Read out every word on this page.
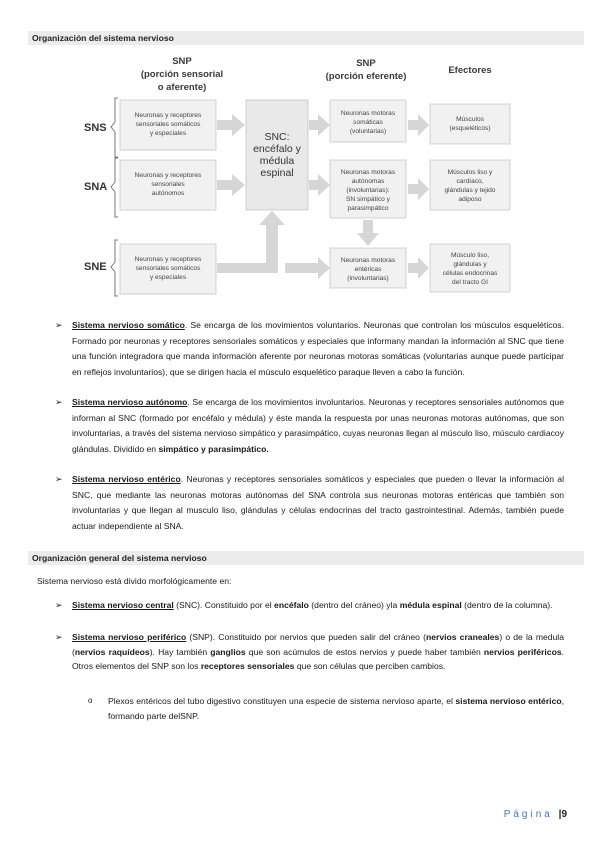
Organización del sistema nervioso
SNP
(porción sensorial
o aferente)
SNP
(porción eferente)
Efectores
SNS
SNA
SNE
Neuronas y receptores
sensoriales somáticos
y especiales
Neuronas y receptores
sensoriales
autónomos
Neuronas y receptores
sensoriales somáticos
y especiales
SNC:
encéfalo y
médula
espinal
Neuronas motoras
somáticas
(voluntarias)
Neuronas motoras
autónomas
(involuntarias):
SN simpático y
parasimpático
Neuronas motoras
entéricas
(involuntarias)
Músculos
(esqueléticos)
Músculos liso y
cardíaco,
glándulas y tejido
adiposo
Músculo liso,
glándulas y
células endocrinas
del tracto GI
➢ Sistema nervioso somático. Se encarga de los movimientos voluntarios. Neuronas que controlan los músculos esqueléticos. Formado por neuronas y receptores sensoriales somáticos y especiales que informany mandan la información al SNC que tiene una función integradora que manda información aferente por neuronas motoras somáticas (voluntarias aunque puede participar en reflejos involuntarios), que se dirigen hacia el músculo esquelético paraque lleven a cabo la función.
➢ Sistema nervioso autónomo. Se encarga de los movimientos involuntarios. Neuronas y receptores sensoriales autónomos que informan al SNC (formado por encéfalo y médula) y éste manda la respuesta por unas neuronas motoras autónomas, que son involuntarias, a través del sistema nervioso simpático y parasimpático, cuyas neuronas llegan al músculo liso, músculo cardiacoy glándulas. Dividido en simpático y parasimpático.
➢ Sistema nervioso entérico. Neuronas y receptores sensoriales somáticos y especiales que pueden o llevar la información al SNC, que mediante las neuronas motoras autónomas del SNA controla sus neuronas motoras entéricas que también son involuntarias y que llegan al musculo liso, glándulas y células endocrinas del tracto gastrointestinal. Además, también puede actuar independiente al SNA.
Organización general del sistema nervioso
Sistema nervioso está divido morfológicamente en:
➢ Sistema nervioso central (SNC). Constituido por el encéfalo (dentro del cráneo) yla médula espinal (dentro de la columna).
➢ Sistema nervioso periférico (SNP). Constituido por nervios que pueden salir del cráneo (nervios craneales) o de la medula (nervios raquídeos). Hay también ganglios que son acúmulos de estos nervios y puede haber también nervios periféricos. Otros elementos del SNP son los receptores sensoriales que son células que perciben cambios.
o Plexos entéricos del tubo digestivo constituyen una especie de sistema nervioso aparte, el sistema nervioso entérico, formando parte delSNP.
Página |9
